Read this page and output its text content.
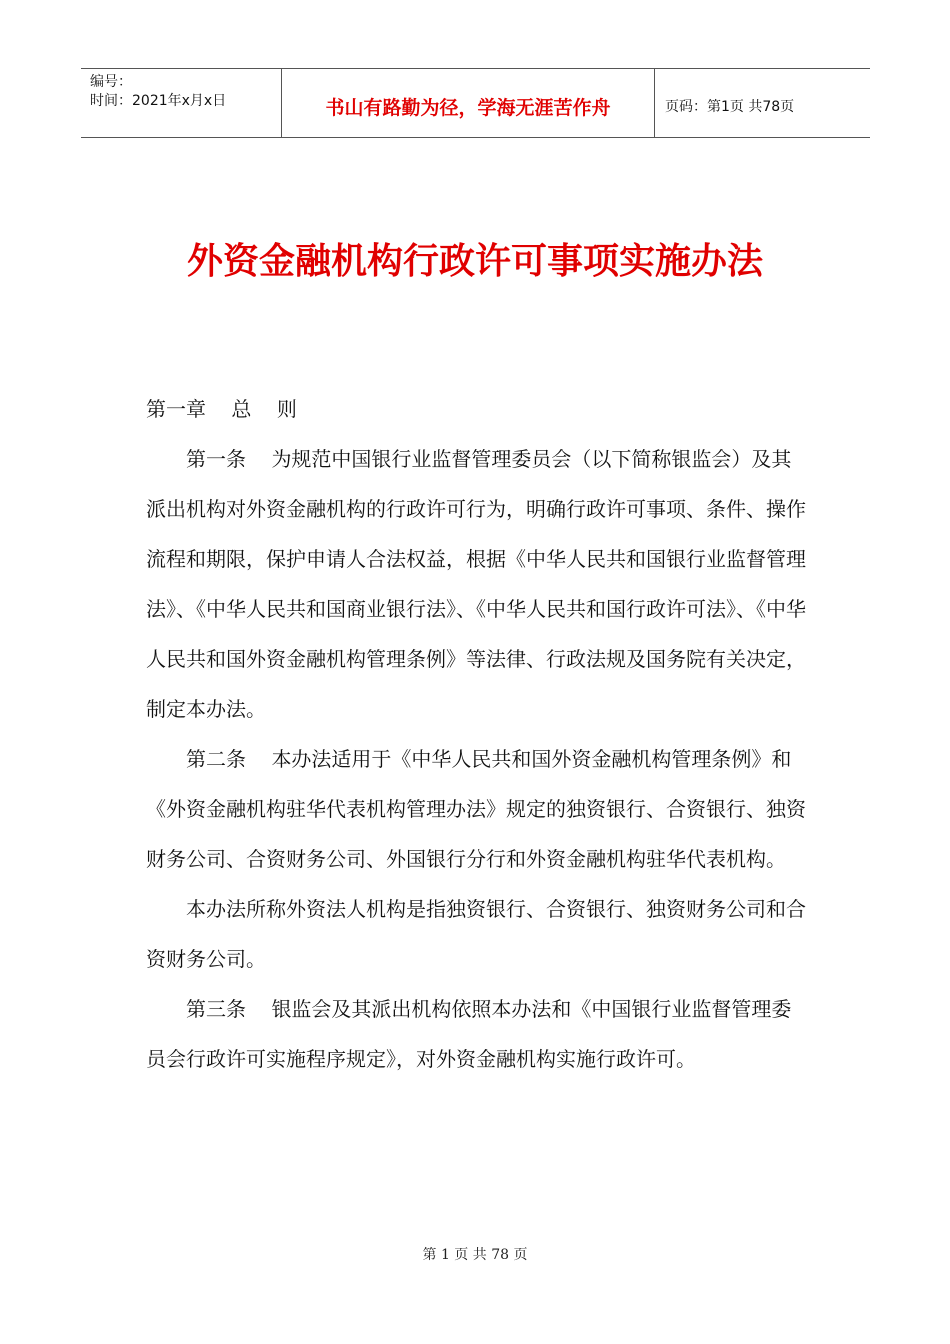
编号：
时间：2021年x月x日	书山有路勤为径，学海无涯苦作舟	页码：第1页 共78页
外资金融机构行政许可事项实施办法

第一章    总    则

第一条    为规范中国银行业监督管理委员会（以下简称银监会）及其派出机构对外资金融机构的行政许可行为，明确行政许可事项、条件、操作流程和期限，保护申请人合法权益，根据《中华人民共和国银行业监督管理法》、《中华人民共和国商业银行法》、《中华人民共和国行政许可法》、《中华人民共和国外资金融机构管理条例》等法律、行政法规及国务院有关决定，制定本办法。

第二条    本办法适用于《中华人民共和国外资金融机构管理条例》和《外资金融机构驻华代表机构管理办法》规定的独资银行、合资银行、独资财务公司、合资财务公司、外国银行分行和外资金融机构驻华代表机构。

本办法所称外资法人机构是指独资银行、合资银行、独资财务公司和合资财务公司。

第三条    银监会及其派出机构依照本办法和《中国银行业监督管理委员会行政许可实施程序规定》，对外资金融机构实施行政许可。

第 1 页 共 78 页
